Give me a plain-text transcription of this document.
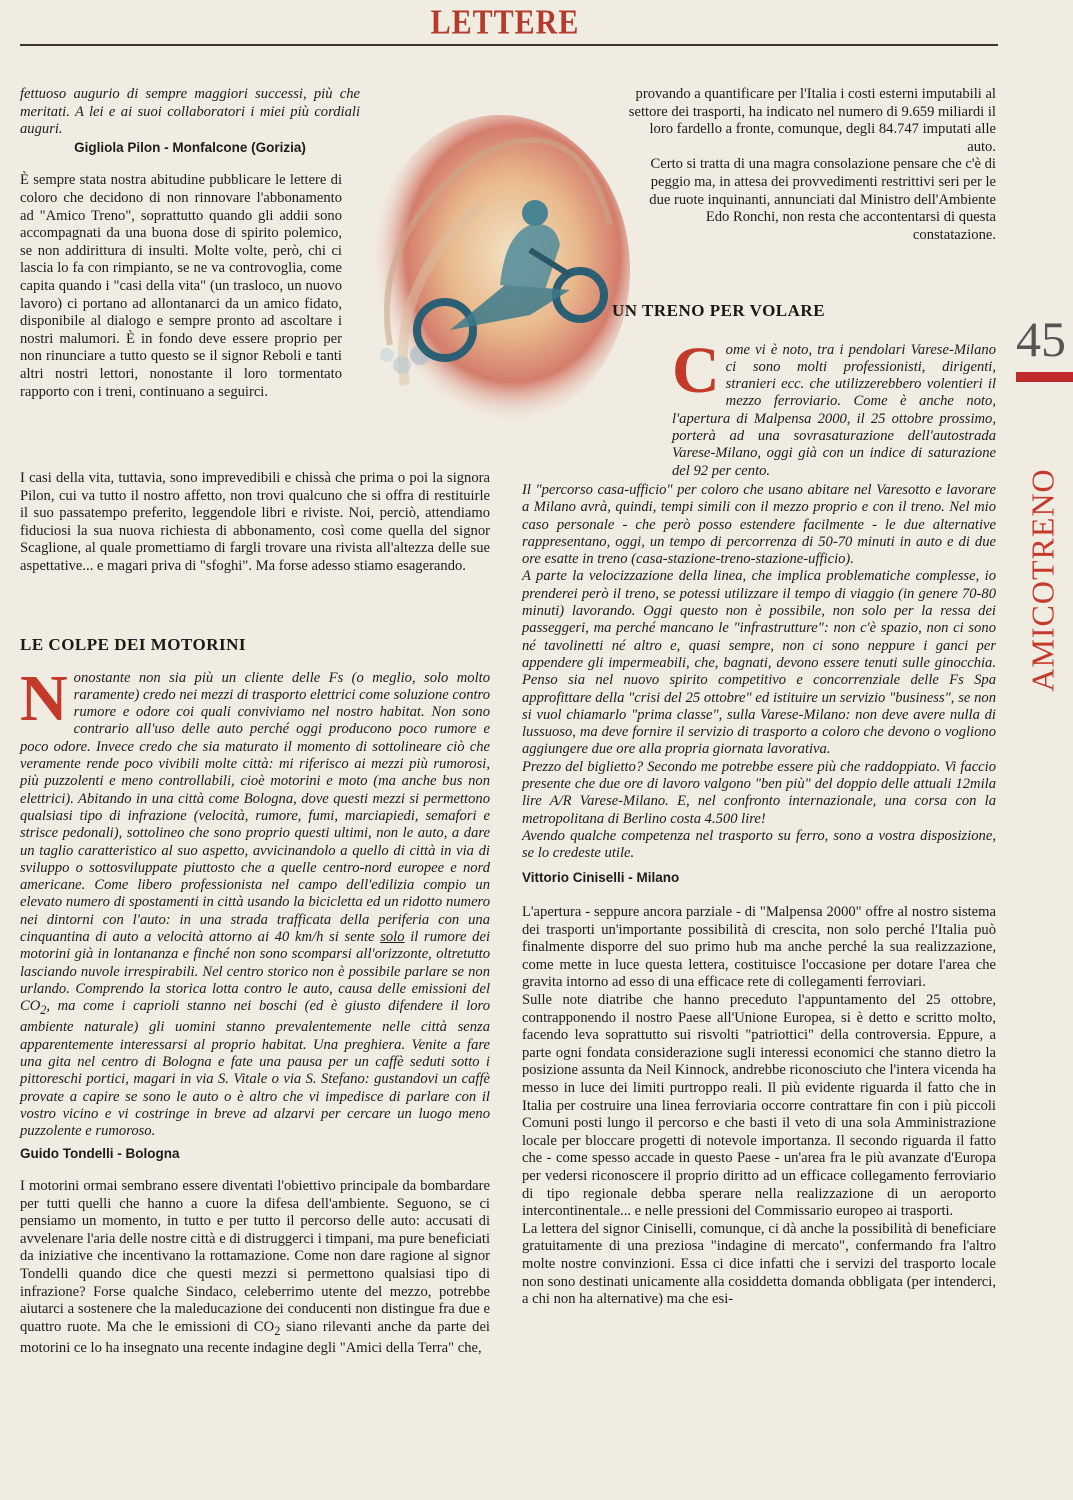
LETTERE
45
AMICOTRENO

fettuoso augurio di sempre maggiori successi, più che meritati. A lei e ai suoi collaboratori i miei più cordiali auguri.

Gigliola Pilon - Monfalcone (Gorizia)

È sempre stata nostra abitudine pubblicare le lettere di coloro che decidono di non rinnovare l'abbonamento ad "Amico Treno", soprattutto quando gli addii sono accompagnati da una buona dose di spirito polemico, se non addirittura di insulti. Molte volte, però, chi ci lascia lo fa con rimpianto, se ne va controvoglia, come capita quando i "casi della vita" (un trasloco, un nuovo lavoro) ci portano ad allontanarci da un amico fidato, disponibile al dialogo e sempre pronto ad ascoltare i nostri malumori. È in fondo deve essere proprio per non rinunciare a tutto questo se il signor Reboli e tanti altri nostri lettori, nonostante il loro tormentato rapporto con i treni, continuano a seguirci.

I casi della vita, tuttavia, sono imprevedibili e chissà che prima o poi la signora Pilon, cui va tutto il nostro affetto, non trovi qualcuno che si offra di restituirle il suo passatempo preferito, leggendole libri e riviste. Noi, perciò, attendiamo fiduciosi la sua nuova richiesta di abbonamento, così come quella del signor Scaglione, al quale promettiamo di fargli trovare una rivista all'altezza delle sue aspettative... e magari priva di "sfoghi". Ma forse adesso stiamo esagerando.

LE COLPE DEI MOTORINI

Nonostante non sia più un cliente delle Fs (o meglio, solo molto raramente) credo nei mezzi di trasporto elettrici come soluzione contro rumore e odore coi quali conviviamo nel nostro habitat. Non sono contrario all'uso delle auto perché oggi producono poco rumore e poco odore. Invece credo che sia maturato il momento di sottolineare ciò che veramente rende poco vivibili molte città: mi riferisco ai mezzi più rumorosi, più puzzolenti e meno controllabili, cioè motorini e moto (ma anche bus non elettrici). Abitando in una città come Bologna, dove questi mezzi si permettono qualsiasi tipo di infrazione (velocità, rumore, fumi, marciapiedi, semafori e strisce pedonali), sottolineo che sono proprio questi ultimi, non le auto, a dare un taglio caratteristico al suo aspetto, avvicinandolo a quello di città in via di sviluppo o sottosviluppate piuttosto che a quelle centro-nord europee e nord americane. Come libero professionista nel campo dell'edilizia compio un elevato numero di spostamenti in città usando la bicicletta ed un ridotto numero nei dintorni con l'auto: in una strada trafficata della periferia con una cinquantina di auto a velocità attorno ai 40 km/h si sente solo il rumore dei motorini già in lontananza e finché non sono scomparsi all'orizzonte, oltretutto lasciando nuvole irrespirabili. Nel centro storico non è possibile parlare se non urlando. Comprendo la storica lotta contro le auto, causa delle emissioni del $CO_2$, ma come i caprioli stanno nei boschi (ed è giusto difendere il loro ambiente naturale) gli uomini stanno prevalentemente nelle città senza apparentemente interessarsi al proprio habitat. Una preghiera. Venite a fare una gita nel centro di Bologna e fate una pausa per un caffè seduti sotto i pittoreschi portici, magari in via S. Vitale o via S. Stefano: gustandovi un caffè provate a capire se sono le auto o è altro che vi impedisce di parlare con il vostro vicino e vi costringe in breve ad alzarvi per cercare un luogo meno puzzolente e rumoroso.

Guido Tondelli - Bologna

I motorini ormai sembrano essere diventati l'obiettivo principale da bombardare per tutti quelli che hanno a cuore la difesa dell'ambiente. Seguono, se ci pensiamo un momento, in tutto e per tutto il percorso delle auto: accusati di avvelenare l'aria delle nostre città e di distruggerci i timpani, ma pure beneficiati da iniziative che incentivano la rottamazione. Come non dare ragione al signor Tondelli quando dice che questi mezzi si permettono qualsiasi tipo di infrazione? Forse qualche Sindaco, celeberrimo utente del mezzo, potrebbe aiutarci a sostenere che la maleducazione dei conducenti non distingue fra due e quattro ruote. Ma che le emissioni di $CO_2$ siano rilevanti anche da parte dei motorini ce lo ha insegnato una recente indagine degli "Amici della Terra" che,

provando a quantificare per l'Italia i costi esterni imputabili al settore dei trasporti, ha indicato nel numero di 9.659 miliardi il loro fardello a fronte, comunque, degli 84.747 imputati alle auto.

Certo si tratta di una magra consolazione pensare che c'è di peggio ma, in attesa dei provvedimenti restrittivi seri per le due ruote inquinanti, annunciati dal Ministro dell'Ambiente Edo Ronchi, non resta che accontentarsi di questa constatazione.

UN TRENO PER VOLARE

Come vi è noto, tra i pendolari Varese-Milano ci sono molti professionisti, dirigenti, stranieri ecc. che utilizzerebbero volentieri il mezzo ferroviario. Come è anche noto, l'apertura di Malpensa 2000, il 25 ottobre prossimo, porterà ad una sovrasaturazione dell'autostrada Varese-Milano, oggi già con un indice di saturazione del 92 per cento.

Il "percorso casa-ufficio" per coloro che usano abitare nel Varesotto e lavorare a Milano avrà, quindi, tempi simili con il mezzo proprio e con il treno. Nel mio caso personale - che però posso estendere facilmente - le due alternative rappresentano, oggi, un tempo di percorrenza di 50-70 minuti in auto e di due ore esatte in treno (casa-stazione-treno-stazione-ufficio).

A parte la velocizzazione della linea, che implica problematiche complesse, io prenderei però il treno, se potessi utilizzare il tempo di viaggio (in genere 70-80 minuti) lavorando. Oggi questo non è possibile, non solo per la ressa dei passeggeri, ma perché mancano le "infrastrutture": non c'è spazio, non ci sono né tavolinetti né altro e, quasi sempre, non ci sono neppure i ganci per appendere gli impermeabili, che, bagnati, devono essere tenuti sulle ginocchia. Penso sia nel nuovo spirito competitivo e concorrenziale delle Fs Spa approfittare della "crisi del 25 ottobre" ed istituire un servizio "business", se non si vuol chiamarlo "prima classe", sulla Varese-Milano: non deve avere nulla di lussuoso, ma deve fornire il servizio di trasporto a coloro che devono o vogliono aggiungere due ore alla propria giornata lavorativa.

Prezzo del biglietto? Secondo me potrebbe essere più che raddoppiato. Vi faccio presente che due ore di lavoro valgono "ben più" del doppio delle attuali 12mila lire A/R Varese-Milano. E, nel confronto internazionale, una corsa con la metropolitana di Berlino costa 4.500 lire!

Avendo qualche competenza nel trasporto su ferro, sono a vostra disposizione, se lo credeste utile.

Vittorio Ciniselli - Milano

L'apertura - seppure ancora parziale - di "Malpensa 2000" offre al nostro sistema dei trasporti un'importante possibilità di crescita, non solo perché l'Italia può finalmente disporre del suo primo hub ma anche perché la sua realizzazione, come mette in luce questa lettera, costituisce l'occasione per dotare l'area che gravita intorno ad esso di una efficace rete di collegamenti ferroviari.

Sulle note diatribe che hanno preceduto l'appuntamento del 25 ottobre, contrapponendo il nostro Paese all'Unione Europea, si è detto e scritto molto, facendo leva soprattutto sui risvolti "patriottici" della controversia. Eppure, a parte ogni fondata considerazione sugli interessi economici che stanno dietro la posizione assunta da Neil Kinnock, andrebbe riconosciuto che l'intera vicenda ha messo in luce dei limiti purtroppo reali. Il più evidente riguarda il fatto che in Italia per costruire una linea ferroviaria occorre contrattare fin con i più piccoli Comuni posti lungo il percorso e che basti il veto di una sola Amministrazione locale per bloccare progetti di notevole importanza. Il secondo riguarda il fatto che - come spesso accade in questo Paese - un'area fra le più avanzate d'Europa per vedersi riconoscere il proprio diritto ad un efficace collegamento ferroviario di tipo regionale debba sperare nella realizzazione di un aeroporto intercontinentale... e nelle pressioni del Commissario europeo ai trasporti.

La lettera del signor Ciniselli, comunque, ci dà anche la possibilità di beneficiare gratuitamente di una preziosa "indagine di mercato", confermando fra l'altro molte nostre convinzioni. Essa ci dice infatti che i servizi del trasporto locale non sono destinati unicamente alla cosiddetta domanda obbligata (per intenderci, a chi non ha alternative) ma che esi-
